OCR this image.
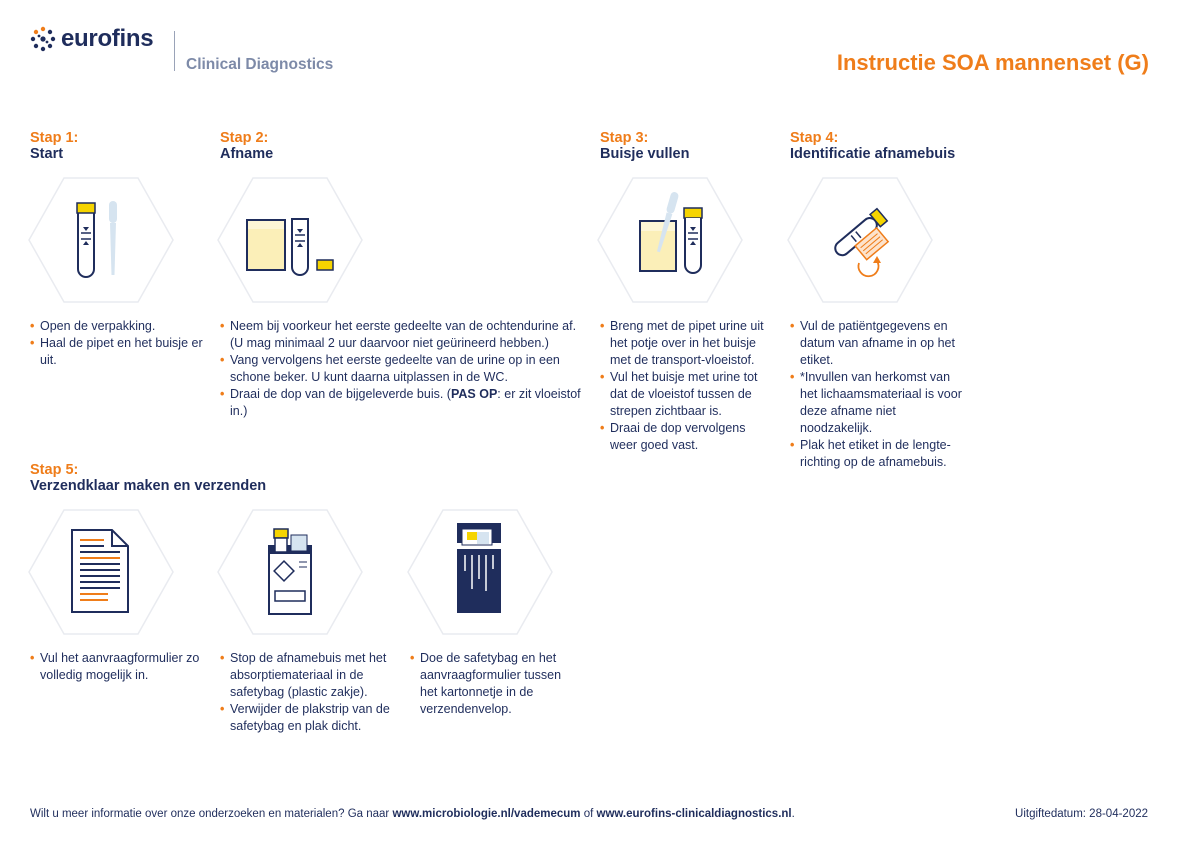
eurofins
Clinical Diagnostics	Instructie SOA mannenset (G)
Stap 1:
Start
• Open de verpakking.
• Haal de pipet en het buisje er uit.
Stap 2:
Afname
• Neem bij voorkeur het eerste gedeelte van de ochtendurine af. (U mag minimaal 2 uur daarvoor niet geürineerd hebben.)
• Vang vervolgens het eerste gedeelte van de urine op in een schone beker. U kunt daarna uitplassen in de WC.
• Draai de dop van de bijgeleverde buis. (PAS OP: er zit vloeistof in.)
Stap 3:
Buisje vullen
• Breng met de pipet urine uit het potje over in het buisje met de transport-vloeistof.
• Vul het buisje met urine tot dat de vloeistof tussen de strepen zichtbaar is.
• Draai de dop vervolgens weer goed vast.
Stap 4:
Identificatie afnamebuis
• Vul de patiëntgegevens en datum van afname in op het etiket.
• *Invullen van herkomst van het lichaamsmateriaal is voor deze afname niet noodzakelijk.
• Plak het etiket in de lengte-richting op de afnamebuis.
Stap 5:
Verzendklaar maken en verzenden
• Vul het aanvraagformulier zo volledig mogelijk in.
• Stop de afnamebuis met het absorptiemateriaal in de safetybag (plastic zakje).
• Verwijder de plakstrip van de safetybag en plak dicht.
• Doe de safetybag en het aanvraagformulier tussen het kartonnetje in de verzendenvelop.
Wilt u meer informatie over onze onderzoeken en materialen? Ga naar www.microbiologie.nl/vademecum of www.eurofins-clinicaldiagnostics.nl.	Uitgiftedatum: 28-04-2022
